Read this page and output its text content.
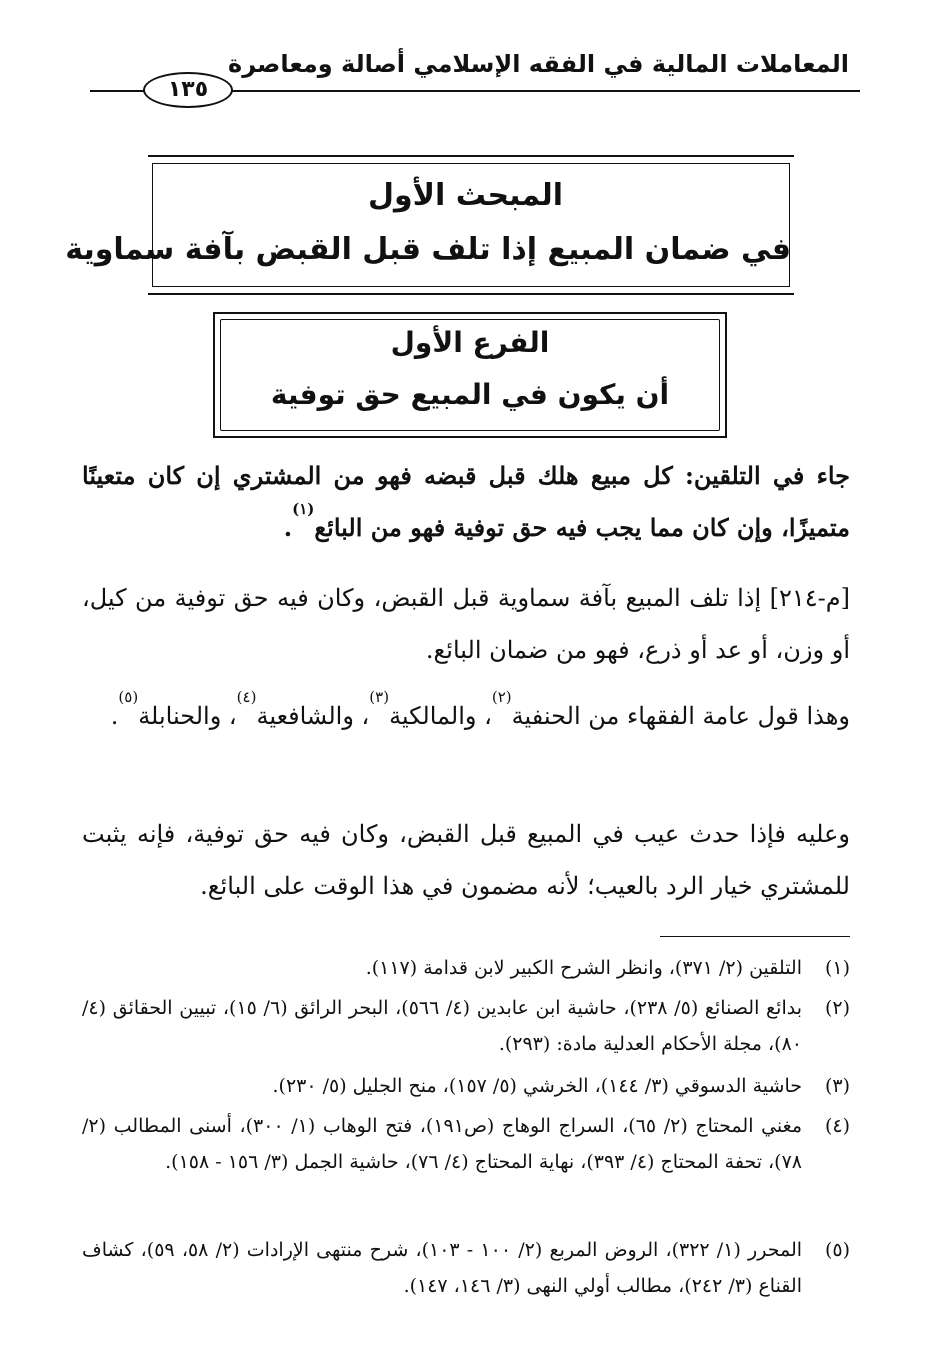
المعاملات المالية في الفقه الإسلامي أصالة ومعاصرة
١٣٥
المبحث الأول
في ضمان المبيع إذا تلف قبل القبض بآفة سماوية
الفرع الأول
أن يكون في المبيع حق توفية
جاء في التلقين: كل مبيع هلك قبل قبضه فهو من المشتري إن كان متعينًا متميزًا، وإن كان مما يجب فيه حق توفية فهو من البائع$^{(١)}$.
[م-٢١٤] إذا تلف المبيع بآفة سماوية قبل القبض، وكان فيه حق توفية من كيل، أو وزن، أو عد أو ذرع، فهو من ضمان البائع.
وهذا قول عامة الفقهاء من الحنفية$^{(٢)}$، والمالكية$^{(٣)}$، والشافعية$^{(٤)}$، والحنابلة$^{(٥)}$.
وعليه فإذا حدث عيب في المبيع قبل القبض، وكان فيه حق توفية، فإنه يثبت للمشتري خيار الرد بالعيب؛ لأنه مضمون في هذا الوقت على البائع.
(١)
التلقين (٢/ ٣٧١)، وانظر الشرح الكبير لابن قدامة (١١٧).
(٢)
بدائع الصنائع (٥/ ٢٣٨)، حاشية ابن عابدين (٤/ ٥٦٦)، البحر الرائق (٦/ ١٥)، تبيين الحقائق (٤/ ٨٠)، مجلة الأحكام العدلية مادة: (٢٩٣).
(٣)
حاشية الدسوقي (٣/ ١٤٤)، الخرشي (٥/ ١٥٧)، منح الجليل (٥/ ٢٣٠).
(٤)
مغني المحتاج (٢/ ٦٥)، السراج الوهاج (ص١٩١)، فتح الوهاب (١/ ٣٠٠)، أسنى المطالب (٢/ ٧٨)، تحفة المحتاج (٤/ ٣٩٣)، نهاية المحتاج (٤/ ٧٦)، حاشية الجمل (٣/ ١٥٦ - ١٥٨).
(٥)
المحرر (١/ ٣٢٢)، الروض المربع (٢/ ١٠٠ - ١٠٣)، شرح منتهى الإرادات (٢/ ٥٨، ٥٩)، كشاف القناع (٣/ ٢٤٢)، مطالب أولي النهى (٣/ ١٤٦، ١٤٧).
